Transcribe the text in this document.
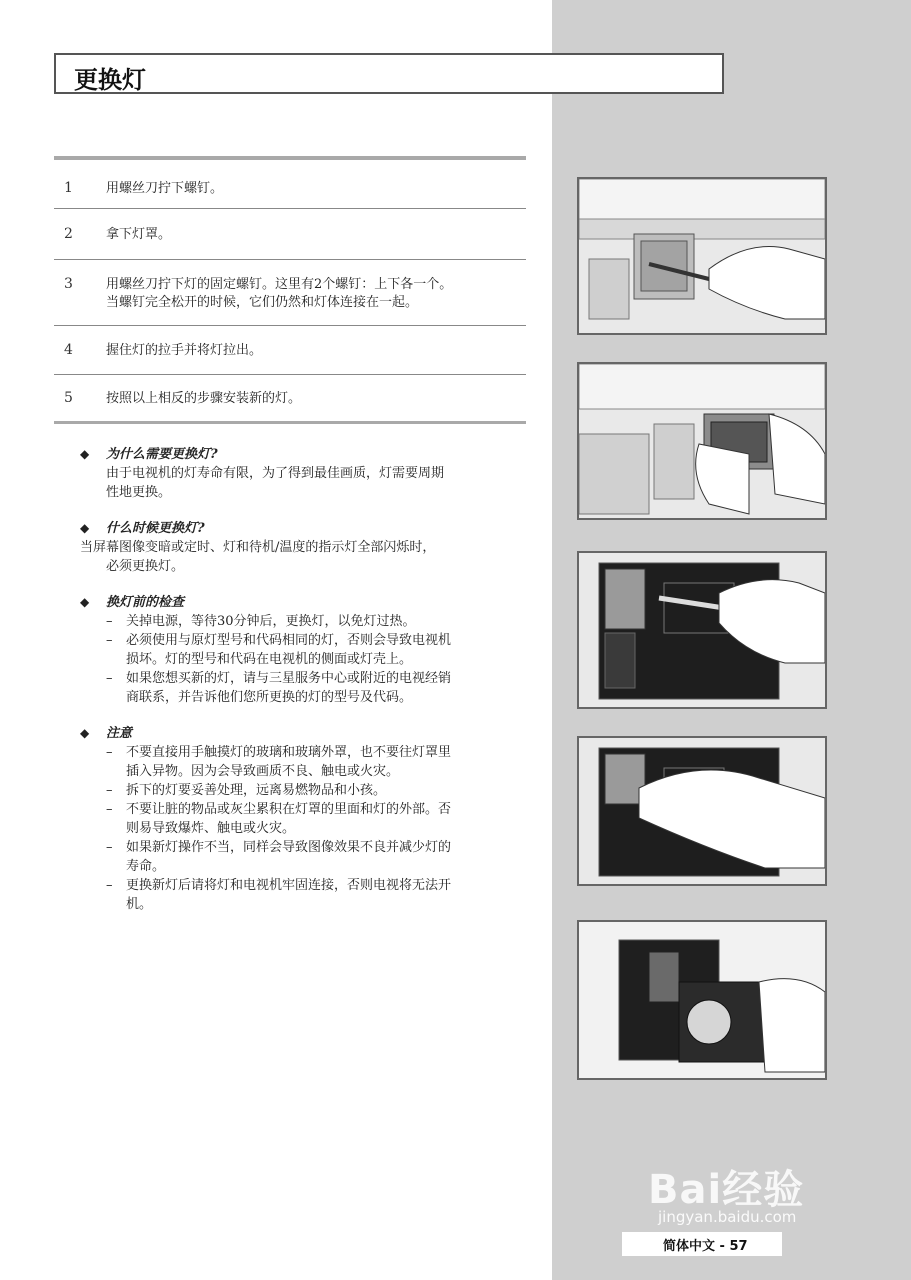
更换灯
1	用螺丝刀拧下螺钉。
2	拿下灯罩。
3	用螺丝刀拧下灯的固定螺钉。这里有2个螺钉：上下各一个。
当螺钉完全松开的时候，它们仍然和灯体连接在一起。
4	握住灯的拉手并将灯拉出。
5	按照以上相反的步骤安装新的灯。
◆ 为什么需要更换灯?
由于电视机的灯寿命有限，为了得到最佳画质，灯需要周期
性地更换。
◆ 什么时候更换灯?
当屏幕图像变暗或定时、灯和待机/温度的指示灯全部闪烁时，
必须更换灯。
◆ 换灯前的检查
– 关掉电源，等待30分钟后，更换灯，以免灯过热。
– 必须使用与原灯型号和代码相同的灯，否则会导致电视机
损坏。灯的型号和代码在电视机的侧面或灯壳上。
– 如果您想买新的灯，请与三星服务中心或附近的电视经销
商联系，并告诉他们您所更换的灯的型号及代码。
◆ 注意
– 不要直接用手触摸灯的玻璃和玻璃外罩，也不要往灯罩里
插入异物。因为会导致画质不良、触电或火灾。
– 拆下的灯要妥善处理，远离易燃物品和小孩。
– 不要让脏的物品或灰尘累积在灯罩的里面和灯的外部。否
则易导致爆炸、触电或火灾。
– 如果新灯操作不当，同样会导致图像效果不良并减少灯的
寿命。
– 更换新灯后请将灯和电视机牢固连接，否则电视将无法开
机。
Bai经验
jingyan.baidu.com
简体中文 - 57
